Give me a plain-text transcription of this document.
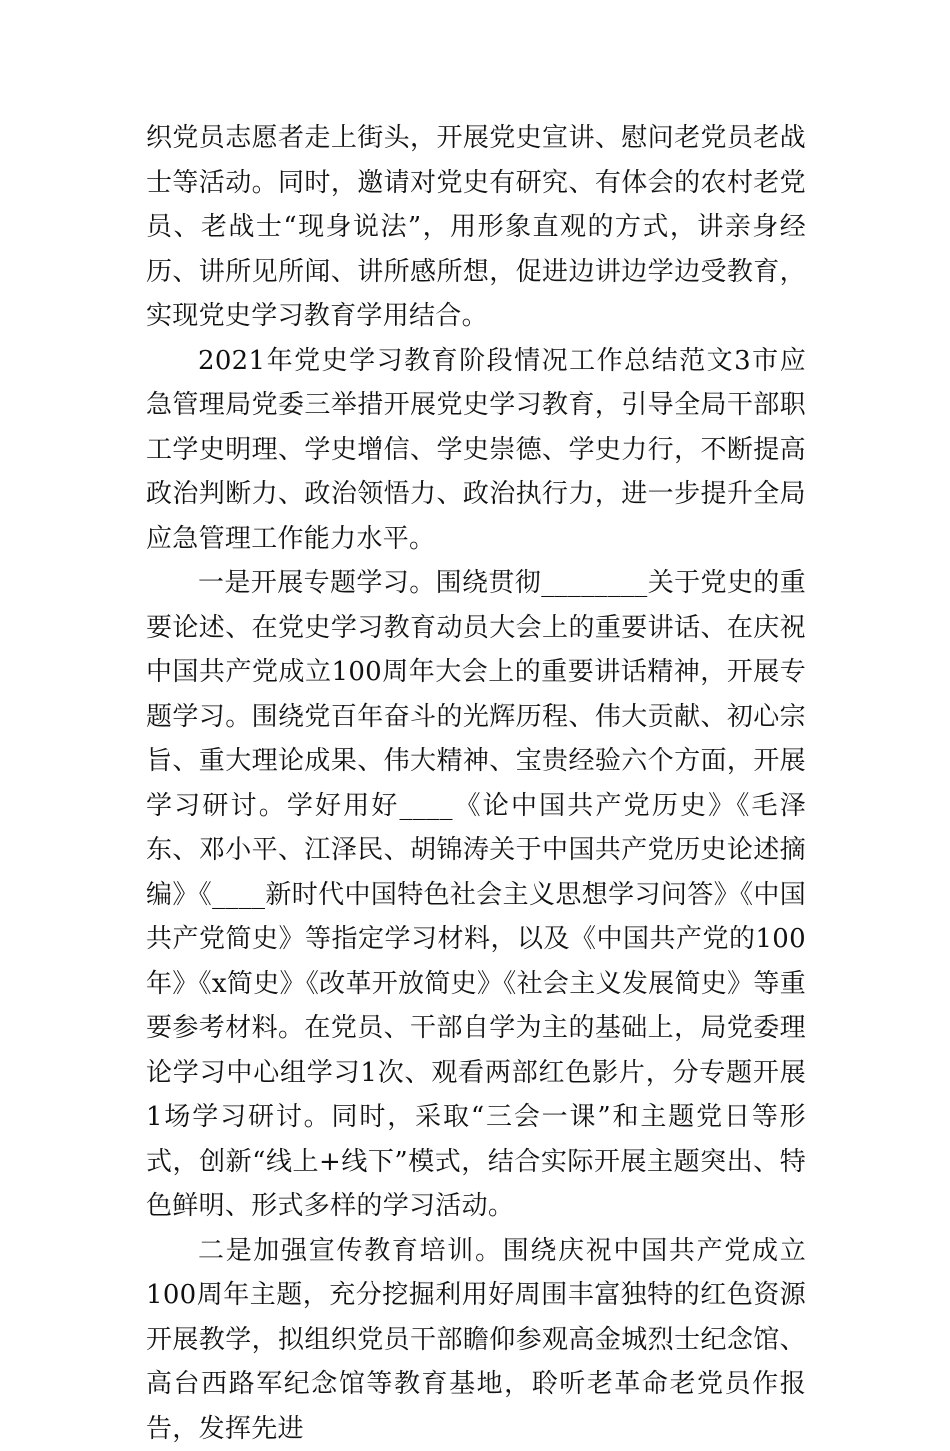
织党员志愿者走上街头，开展党史宣讲、慰问老党员老战士等活动。同时，邀请对党史有研究、有体会的农村老党员、老战士“现身说法”，用形象直观的方式，讲亲身经历、讲所见所闻、讲所感所想，促进边讲边学边受教育，实现党史学习教育学用结合。

2021年党史学习教育阶段情况工作总结范文3市应急管理局党委三举措开展党史学习教育，引导全局干部职工学史明理、学史增信、学史崇德、学史力行，不断提高政治判断力、政治领悟力、政治执行力，进一步提升全局应急管理工作能力水平。

一是开展专题学习。围绕贯彻________关于党史的重要论述、在党史学习教育动员大会上的重要讲话、在庆祝中国共产党成立100周年大会上的重要讲话精神，开展专题学习。围绕党百年奋斗的光辉历程、伟大贡献、初心宗旨、重大理论成果、伟大精神、宝贵经验六个方面，开展学习研讨。学好用好____《论中国共产党历史》《毛泽东、邓小平、江泽民、胡锦涛关于中国共产党历史论述摘编》《____新时代中国特色社会主义思想学习问答》《中国共产党简史》等指定学习材料，以及《中国共产党的100年》《x简史》《改革开放简史》《社会主义发展简史》等重要参考材料。在党员、干部自学为主的基础上，局党委理论学习中心组学习1次、观看两部红色影片，分专题开展1场学习研讨。同时，采取“三会一课”和主题党日等形式，创新“线上+线下”模式，结合实际开展主题突出、特色鲜明、形式多样的学习活动。

二是加强宣传教育培训。围绕庆祝中国共产党成立100周年主题，充分挖掘利用好周围丰富独特的红色资源开展教学，拟组织党员干部瞻仰参观高金城烈士纪念馆、高台西路军纪念馆等教育基地，聆听老革命老党员作报告，发挥先进
